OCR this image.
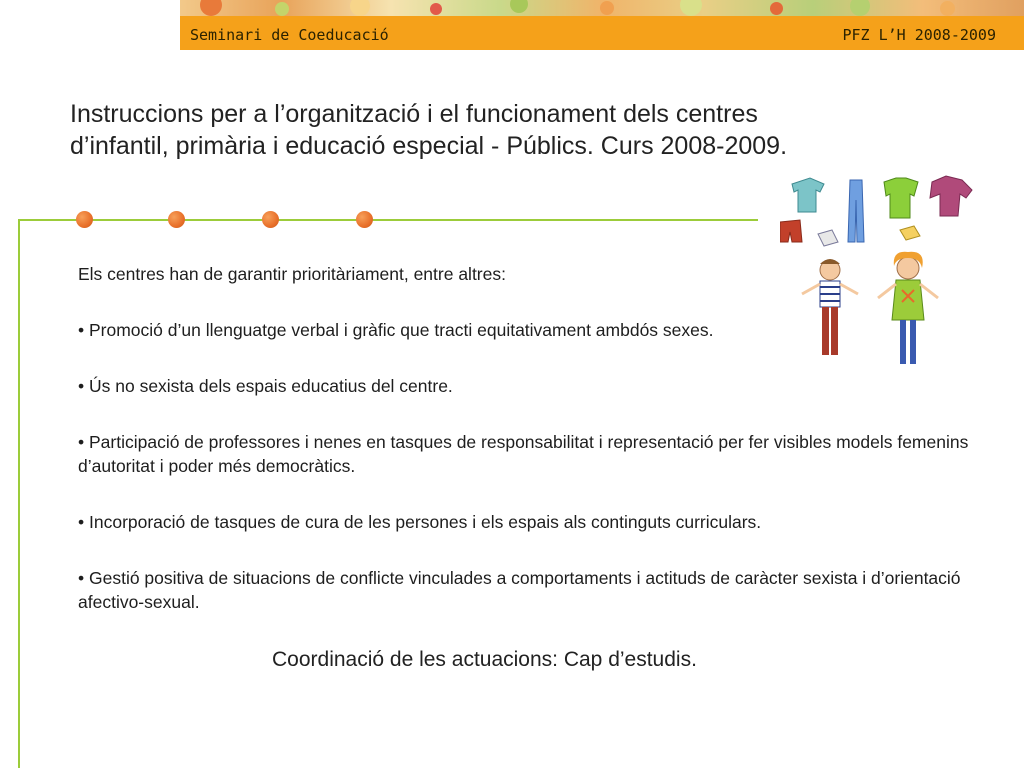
Seminari de Coeducació	PFZ L’H 2008-2009
Instruccions per a l’organització i el funcionament dels centres
d’infantil, primària i educació especial - Públics. Curs 2008-2009.

Els centres han de garantir prioritàriament, entre altres:

• Promoció d’un llenguatge verbal i gràfic que tracti equitativament ambdós sexes.

• Ús no sexista dels espais educatius del centre.

• Participació de professores i nenes en tasques de responsabilitat i representació per fer visibles models femenins d’autoritat i poder més democràtics.

• Incorporació de tasques de cura de les persones i els espais als continguts curriculars.

• Gestió positiva de situacions de conflicte vinculades a comportaments i actituds de caràcter sexista i d’orientació afectivo-sexual.

Coordinació de les actuacions: Cap d’estudis.
